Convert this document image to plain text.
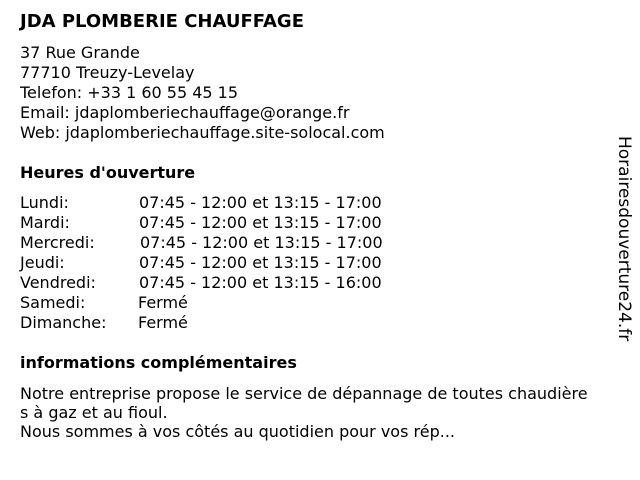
JDA PLOMBERIE CHAUFFAGE
37 Rue Grande
77710 Treuzy-Levelay
Telefon: +33 1 60 55 45 15
Email: jdaplomberiechauffage@orange.fr
Web: jdaplomberiechauffage.site-solocal.com
Heures d'ouverture
Lundi:	07:45 - 12:00 et 13:15 - 17:00
Mardi:	07:45 - 12:00 et 13:15 - 17:00
Mercredi:	07:45 - 12:00 et 13:15 - 17:00
Jeudi:	07:45 - 12:00 et 13:15 - 17:00
Vendredi:	07:45 - 12:00 et 13:15 - 16:00
Samedi:	Fermé
Dimanche: Fermé
informations complémentaires
Notre entreprise propose le service de dépannage de toutes chaudière
s à gaz et au fioul.
Nous sommes à vos côtés au quotidien pour vos rép...
Horairesdouverture24.fr
